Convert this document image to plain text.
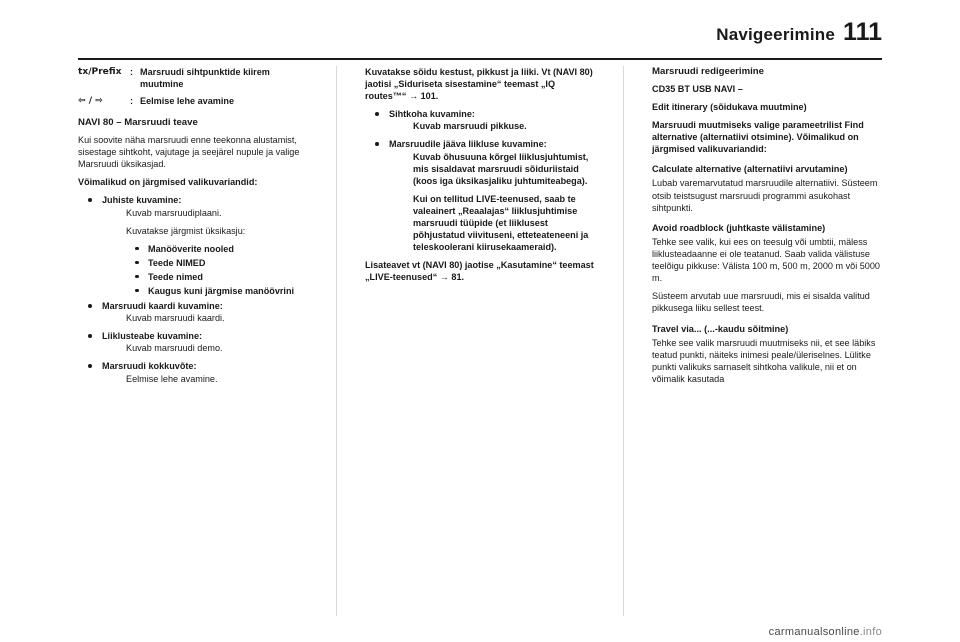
Navigeerimine 111
tx/Prefix : Marsruudi sihtpunktide kiirem muutmine
⇦ / ⇨	: Eelmise lehe avamine
NAVI 80 – Marsruudi teave

Kui soovite näha marsruudi enne teekonna alustamist, sisestage sihtkoht, vajutage ja seejärel nupule ja valige Marsruudi üksikasjad.

Võimalikud on järgmised valikuvariandid:

Juhiste kuvamine:

Kuvab marsruudiplaani.

Kuvatakse järgmist üksikasju:

Manööverite nooled
Teede NIMED
Teede nimed
Kaugus kuni järgmise manöövrini
Marsruudi kaardi kuvamine:

Kuvab marsruudi kaardi.

Liiklusteabe kuvamine:

Kuvab marsruudi demo.

Marsruudi kokkuvõte:

Eelmise lehe avamine.

Kuvatakse sõidu kestust, pikkust ja liiki. Vt (NAVI 80) jaotisi „Siduriseta sisestamine“ teemast „IQ routes™“ → 101.

Sihtkoha kuvamine:

Kuvab marsruudi pikkuse.

Marsruudile jääva liikluse kuvamine:

Kuvab õhusuuna kõrgel liiklusjuhtumist, mis sisaldavat marsruudi sõiduriistaid (koos iga üksikasjaliku juhtumiteabega).

Kui on tellitud LIVE-teenused, saab te valeainert „Reaalajas“ liiklusjuhtimise marsruudi tüüpide (et liiklusest põhjustatud viivituseni, etteteateneeni ja teleskoolerani kiirusekaameraid).

Lisateavet vt (NAVI 80) jaotise „Kasutamine“ teemast „LIVE-teenused“ → 81.

Marsruudi redigeerimine

CD35 BT USB NAVI –

Edit itinerary (sõidukava muutmine)

Marsruudi muutmiseks valige parameetrilist Find alternative (alternatiivi otsimine). Võimalikud on järgmised valikuvariandid:

Calculate alternative (alternatiivi arvutamine)

Lubab varemarvutatud marsruudile alternatiivi. Süsteem otsib teistsugust marsruudi programmi asukohast sihtpunkti.

Avoid roadblock (juhtkaste välistamine)

Tehke see valik, kui ees on teesulg või umbtii, mäless liiklusteadaanne ei ole teatanud. Saab valida välistuse teelõigu pikkuse: Välista 100 m, 500 m, 2000 m või 5000 m.

Süsteem arvutab uue marsruudi, mis ei sisalda valitud pikkusega liiku sellest teest.

Travel via... (...-kaudu sõitmine)

Tehke see valik marsruudi muutmiseks nii, et see läbiks teatud punkti, näiteks inimesi peale/üleriselnes. Lülitke punkti valikuks sarnaselt sihtkoha valikule, nii et on võimalik kasutada

carmanualsonline.info
